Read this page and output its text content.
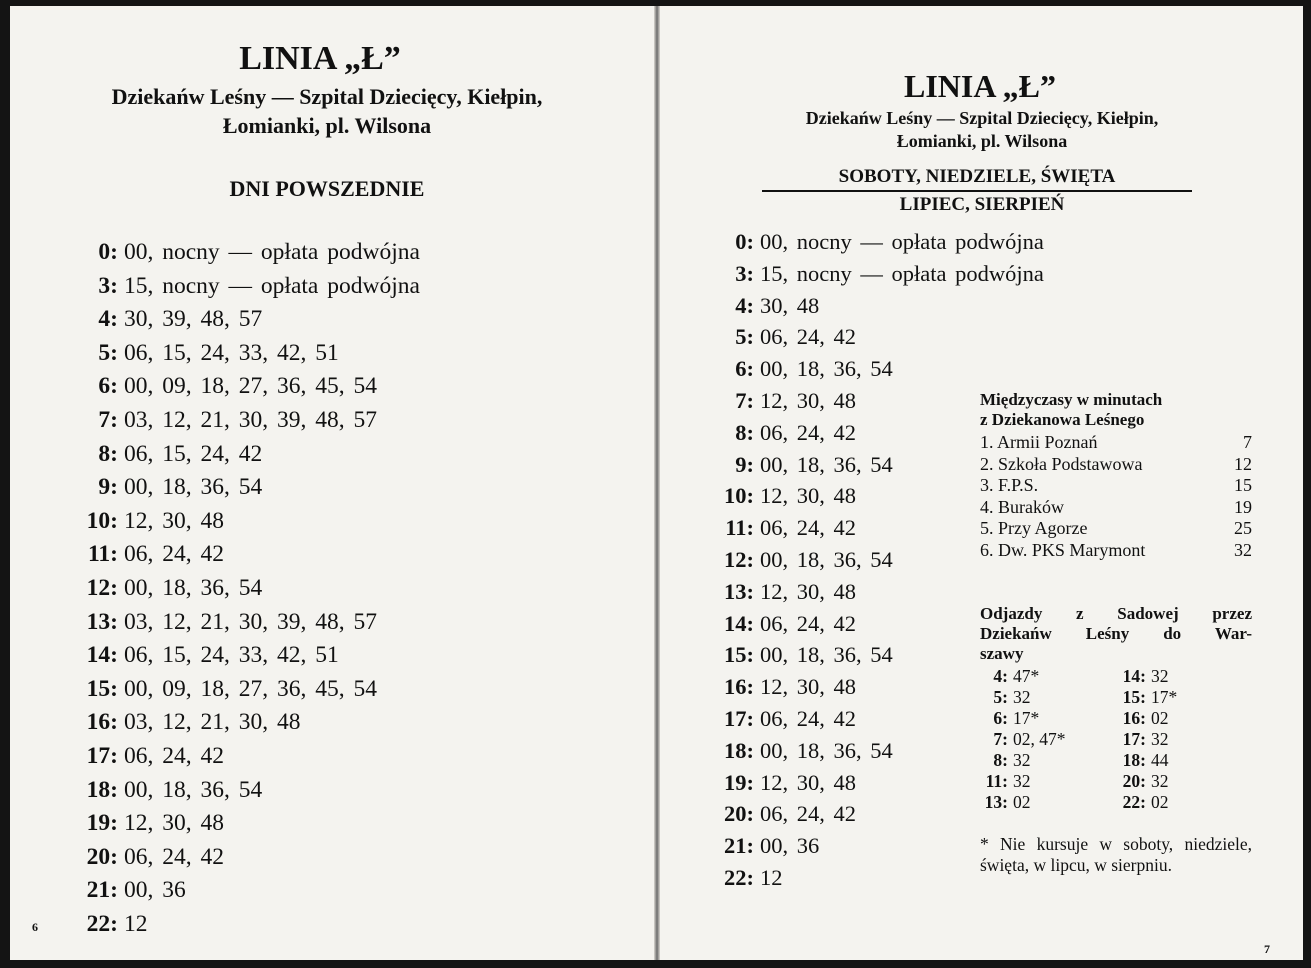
LINIA „Ł”
Dziekańw Leśny — Szpital Dziecięcy, Kiełpin,
Łomianki, pl. Wilsona
DNI POWSZEDNIE
0: 00, nocny — opłata podwójna
3: 15, nocny — opłata podwójna
4: 30, 39, 48, 57
5: 06, 15, 24, 33, 42, 51
6: 00, 09, 18, 27, 36, 45, 54
7: 03, 12, 21, 30, 39, 48, 57
8: 06, 15, 24, 42
9: 00, 18, 36, 54
10: 12, 30, 48
11: 06, 24, 42
12: 00, 18, 36, 54
13: 03, 12, 21, 30, 39, 48, 57
14: 06, 15, 24, 33, 42, 51
15: 00, 09, 18, 27, 36, 45, 54
16: 03, 12, 21, 30, 48
17: 06, 24, 42
18: 00, 18, 36, 54
19: 12, 30, 48
20: 06, 24, 42
21: 00, 36
22: 12
6
LINIA „Ł”
Dziekańw Leśny — Szpital Dziecięcy, Kiełpin,
Łomianki, pl. Wilsona
SOBOTY, NIEDZIELE, ŚWIĘTA
LIPIEC, SIERPIEŃ
0: 00, nocny — opłata podwójna
3: 15, nocny — opłata podwójna
4: 30, 48
5: 06, 24, 42
6: 00, 18, 36, 54
7: 12, 30, 48
8: 06, 24, 42
9: 00, 18, 36, 54
10: 12, 30, 48
11: 06, 24, 42
12: 00, 18, 36, 54
13: 12, 30, 48
14: 06, 24, 42
15: 00, 18, 36, 54
16: 12, 30, 48
17: 06, 24, 42
18: 00, 18, 36, 54
19: 12, 30, 48
20: 06, 24, 42
21: 00, 36
22: 12
Międzyczasy w minutach
z Dziekanowa Leśnego
1. Armii Poznań	7
2. Szkoła Podstawowa	12
3. F.P.S.	15
4. Buraków	19
5. Przy Agorze	25
6. Dw. PKS Marymont	32
Odjazdy z Sadowej przez
Dziekańw Leśny do War-
szawy
4: 47*
5: 32
6: 17*
7: 02, 47*
8: 32
11: 32
13: 02
14: 32
15: 17*
16: 02
17: 32
18: 44
20: 32
22: 02
* Nie kursuje w soboty, niedziele, święta, w lipcu, w sierpniu.
7
